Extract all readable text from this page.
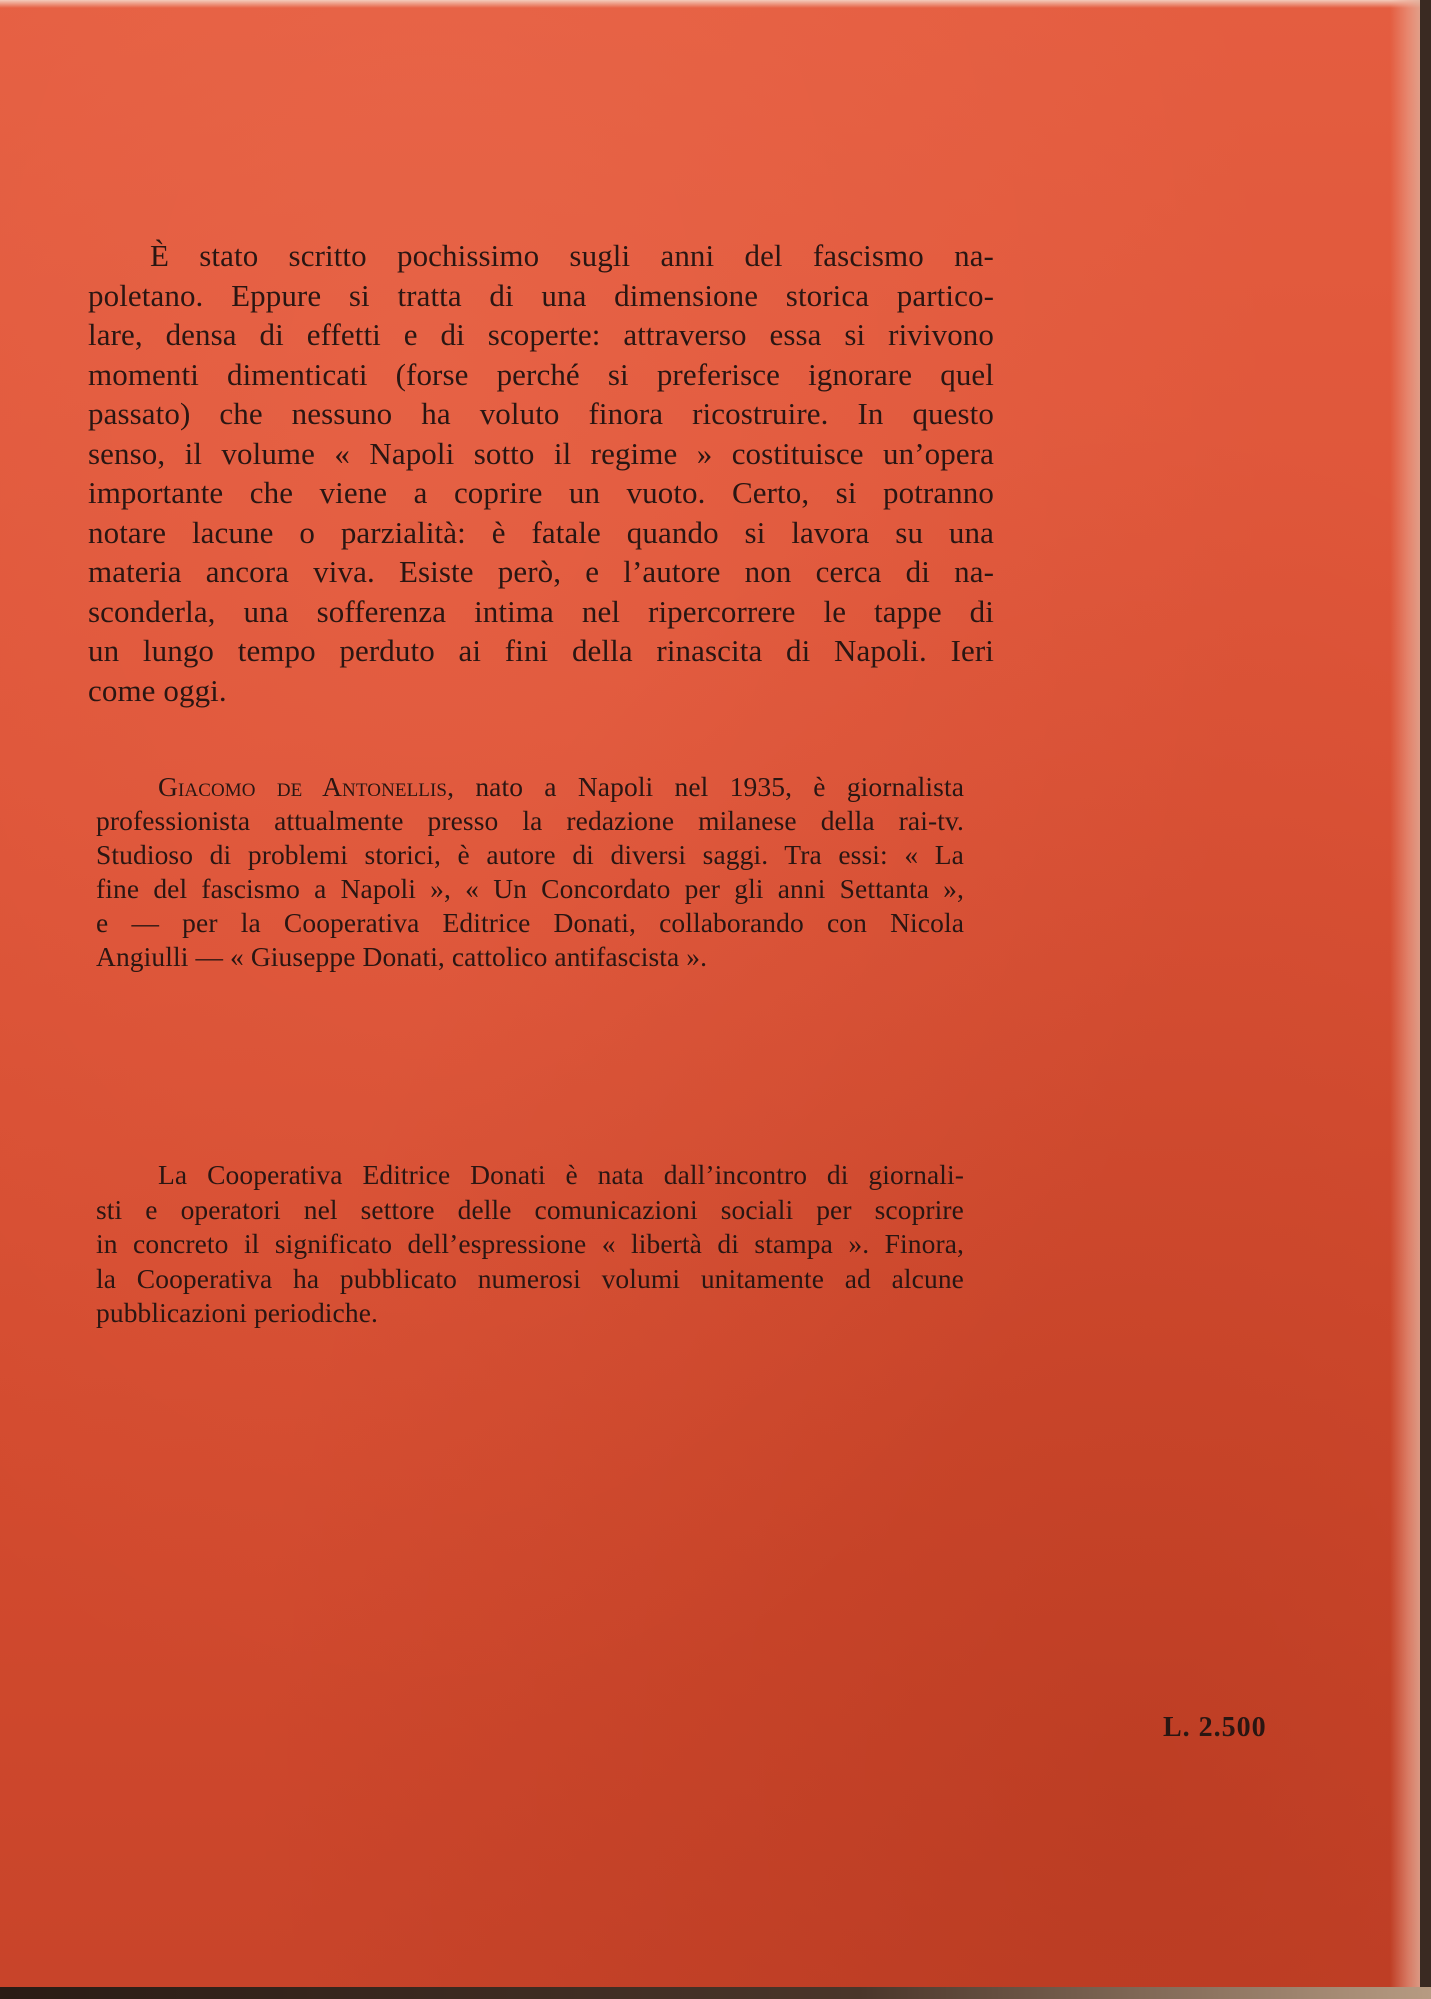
È stato scritto pochissimo sugli anni del fascismo na-
poletano. Eppure si tratta di una dimensione storica partico-
lare, densa di effetti e di scoperte: attraverso essa si rivivono
momenti dimenticati (forse perché si preferisce ignorare quel
passato) che nessuno ha voluto finora ricostruire. In questo
senso, il volume « Napoli sotto il regime » costituisce un’opera
importante che viene a coprire un vuoto. Certo, si potranno
notare lacune o parzialità: è fatale quando si lavora su una
materia ancora viva. Esiste però, e l’autore non cerca di na-
sconderla, una sofferenza intima nel ripercorrere le tappe di
un lungo tempo perduto ai fini della rinascita di Napoli. Ieri
come oggi.
Giacomo de Antonellis, nato a Napoli nel 1935, è giornalista
professionista attualmente presso la redazione milanese della rai-tv.
Studioso di problemi storici, è autore di diversi saggi. Tra essi: « La
fine del fascismo a Napoli », « Un Concordato per gli anni Settanta »,
e — per la Cooperativa Editrice Donati, collaborando con Nicola
Angiulli — « Giuseppe Donati, cattolico antifascista ».
La Cooperativa Editrice Donati è nata dall’incontro di giornali-
sti e operatori nel settore delle comunicazioni sociali per scoprire
in concreto il significato dell’espressione « libertà di stampa ». Finora,
la Cooperativa ha pubblicato numerosi volumi unitamente ad alcune
pubblicazioni periodiche.
L. 2.500
